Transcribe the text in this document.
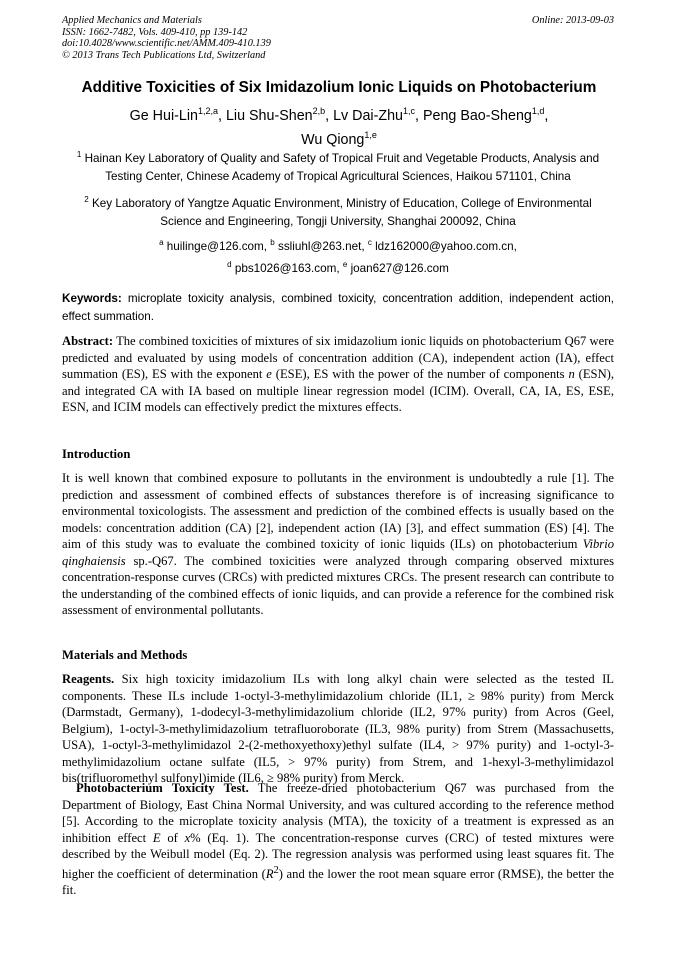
Applied Mechanics and Materials
ISSN: 1662-7482, Vols. 409-410, pp 139-142
doi:10.4028/www.scientific.net/AMM.409-410.139
© 2013 Trans Tech Publications Ltd, Switzerland
Online: 2013-09-03
Additive Toxicities of Six Imidazolium Ionic Liquids on Photobacterium
Ge Hui-Lin$^{1,2,a}$, Liu Shu-Shen$^{2,b}$, Lv Dai-Zhu$^{1,c}$, Peng Bao-Sheng$^{1,d}$,
Wu Qiong$^{1,e}$
$^1$ Hainan Key Laboratory of Quality and Safety of Tropical Fruit and Vegetable Products, Analysis and Testing Center, Chinese Academy of Tropical Agricultural Sciences, Haikou 571101, China
$^2$ Key Laboratory of Yangtze Aquatic Environment, Ministry of Education, College of Environmental Science and Engineering, Tongji University, Shanghai 200092, China
$^a$ huilinge@126.com, $^b$ ssliuhl@263.net, $^c$ ldz162000@yahoo.com.cn,
$^d$ pbs1026@163.com, $^e$ joan627@126.com
Keywords: microplate toxicity analysis, combined toxicity, concentration addition, independent action, effect summation.

Abstract: The combined toxicities of mixtures of six imidazolium ionic liquids on photobacterium Q67 were predicted and evaluated by using models of concentration addition (CA), independent action (IA), effect summation (ES), ES with the exponent e (ESE), ES with the power of the number of components n (ESN), and integrated CA with IA based on multiple linear regression model (ICIM). Overall, CA, IA, ES, ESE, ESN, and ICIM models can effectively predict the mixtures effects.

Introduction

It is well known that combined exposure to pollutants in the environment is undoubtedly a rule [1]. The prediction and assessment of combined effects of substances therefore is of increasing significance to environmental toxicologists. The assessment and prediction of the combined effects is usually based on the models: concentration addition (CA) [2], independent action (IA) [3], and effect summation (ES) [4]. The aim of this study was to evaluate the combined toxicity of ionic liquids (ILs) on photobacterium Vibrio qinghaiensis sp.-Q67. The combined toxicities were analyzed through comparing observed mixtures concentration-response curves (CRCs) with predicted mixtures CRCs. The present research can contribute to the understanding of the combined effects of ionic liquids, and can provide a reference for the combined risk assessment of environmental pollutants.

Materials and Methods

Reagents. Six high toxicity imidazolium ILs with long alkyl chain were selected as the tested IL components. These ILs include 1-octyl-3-methylimidazolium chloride (IL1, ≥ 98% purity) from Merck (Darmstadt, Germany), 1-dodecyl-3-methylimidazolium chloride (IL2, 97% purity) from Acros (Geel, Belgium), 1-octyl-3-methylimidazolium tetrafluoroborate (IL3, 98% purity) from Strem (Massachusetts, USA), 1-octyl-3-methylimidazol 2-(2-methoxyethoxy)ethyl sulfate (IL4, > 97% purity) and 1-octyl-3-methylimidazolium octane sulfate (IL5, > 97% purity) from Strem, and 1-hexyl-3-methylimidazol bis(trifluoromethyl sulfonyl)imide (IL6, ≥ 98% purity) from Merck.

Photobacterium Toxicity Test. The freeze-dried photobacterium Q67 was purchased from the Department of Biology, East China Normal University, and was cultured according to the reference method [5]. According to the microplate toxicity analysis (MTA), the toxicity of a treatment is expressed as an inhibition effect E of x% (Eq. 1). The concentration-response curves (CRC) of tested mixtures were described by the Weibull model (Eq. 2). The regression analysis was performed using least squares fit. The higher the coefficient of determination $(R^2)$ and the lower the root mean square error (RMSE), the better the fit.
